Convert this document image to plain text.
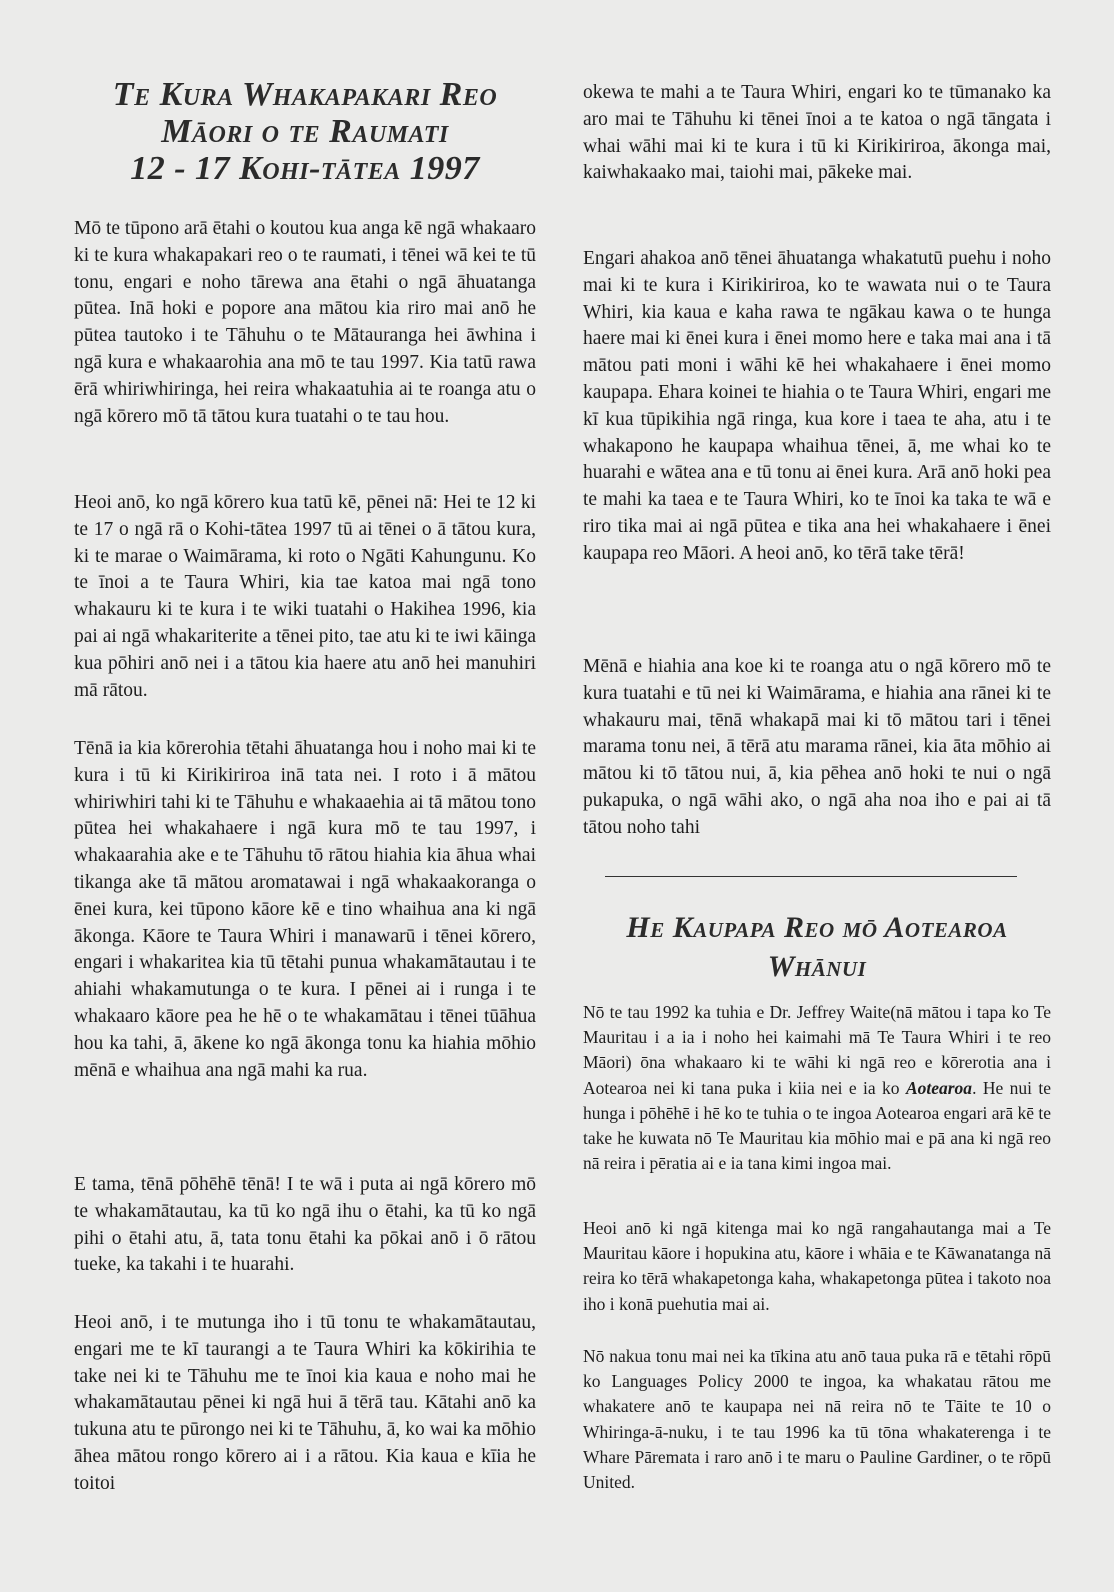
Te Kura Whakapakari Reo
Māori o te Raumati
12 - 17 Kohi-tātea 1997

Mō te tūpono arā ētahi o koutou kua anga kē ngā whakaaro ki te kura whakapakari reo o te raumati, i tēnei wā kei te tū tonu, engari e noho tārewa ana ētahi o ngā āhuatanga pūtea. Inā hoki e popore ana mātou kia riro mai anō he pūtea tautoko i te Tāhuhu o te Mātauranga hei āwhina i ngā kura e whakaarohia ana mō te tau 1997. Kia tatū rawa ērā whiriwhiringa, hei reira whakaatuhia ai te roanga atu o ngā kōrero mō tā tātou kura tuatahi o te tau hou.

Heoi anō, ko ngā kōrero kua tatū kē, pēnei nā: Hei te 12 ki te 17 o ngā rā o Kohi-tātea 1997 tū ai tēnei o ā tātou kura, ki te marae o Waimārama, ki roto o Ngāti Kahungunu. Ko te īnoi a te Taura Whiri, kia tae katoa mai ngā tono whakauru ki te kura i te wiki tuatahi o Hakihea 1996, kia pai ai ngā whakariterite a tēnei pito, tae atu ki te iwi kāinga kua pōhiri anō nei i a tātou kia haere atu anō hei manuhiri mā rātou.

Tēnā ia kia kōrerohia tētahi āhuatanga hou i noho mai ki te kura i tū ki Kirikiriroa inā tata nei. I roto i ā mātou whiriwhiri tahi ki te Tāhuhu e whakaaehia ai tā mātou tono pūtea hei whakahaere i ngā kura mō te tau 1997, i whakaarahia ake e te Tāhuhu tō rātou hiahia kia āhua whai tikanga ake tā mātou aromatawai i ngā whakaakoranga o ēnei kura, kei tūpono kāore kē e tino whaihua ana ki ngā ākonga. Kāore te Taura Whiri i manawarū i tēnei kōrero, engari i whakaritea kia tū tētahi punua whakamātautau i te ahiahi whakamutunga o te kura. I pēnei ai i runga i te whakaaro kāore pea he hē o te whakamātau i tēnei tūāhua hou ka tahi, ā, ākene ko ngā ākonga tonu ka hiahia mōhio mēnā e whaihua ana ngā mahi ka rua.

E tama, tēnā pōhēhē tēnā! I te wā i puta ai ngā kōrero mō te whakamātautau, ka tū ko ngā ihu o ētahi, ka tū ko ngā pihi o ētahi atu, ā, tata tonu ētahi ka pōkai anō i ō rātou tueke, ka takahi i te huarahi.

Heoi anō, i te mutunga iho i tū tonu te whakamātautau, engari me te kī taurangi a te Taura Whiri ka kōkirihia te take nei ki te Tāhuhu me te īnoi kia kaua e noho mai he whakamātautau pēnei ki ngā hui ā tērā tau. Kātahi anō ka tukuna atu te pūrongo nei ki te Tāhuhu, ā, ko wai ka mōhio āhea mātou rongo kōrero ai i a rātou. Kia kaua e kīia he toitoi

okewa te mahi a te Taura Whiri, engari ko te tūmanako ka aro mai te Tāhuhu ki tēnei īnoi a te katoa o ngā tāngata i whai wāhi mai ki te kura i tū ki Kirikiriroa, ākonga mai, kaiwhakaako mai, taiohi mai, pākeke mai.

Engari ahakoa anō tēnei āhuatanga whakatutū puehu i noho mai ki te kura i Kirikiriroa, ko te wawata nui o te Taura Whiri, kia kaua e kaha rawa te ngākau kawa o te hunga haere mai ki ēnei kura i ēnei momo here e taka mai ana i tā mātou pati moni i wāhi kē hei whakahaere i ēnei momo kaupapa. Ehara koinei te hiahia o te Taura Whiri, engari me kī kua tūpikihia ngā ringa, kua kore i taea te aha, atu i te whakapono he kaupapa whaihua tēnei, ā, me whai ko te huarahi e wātea ana e tū tonu ai ēnei kura. Arā anō hoki pea te mahi ka taea e te Taura Whiri, ko te īnoi ka taka te wā e riro tika mai ai ngā pūtea e tika ana hei whakahaere i ēnei kaupapa reo Māori. A heoi anō, ko tērā take tērā!

Mēnā e hiahia ana koe ki te roanga atu o ngā kōrero mō te kura tuatahi e tū nei ki Waimārama, e hiahia ana rānei ki te whakauru mai, tēnā whakapā mai ki tō mātou tari i tēnei marama tonu nei, ā tērā atu marama rānei, kia āta mōhio ai mātou ki tō tātou nui, ā, kia pēhea anō hoki te nui o ngā pukapuka, o ngā wāhi ako, o ngā aha noa iho e pai ai tā tātou noho tahi

He Kaupapa Reo mō Aotearoa
Whānui

Nō te tau 1992 ka tuhia e Dr. Jeffrey Waite(nā mātou i tapa ko Te Mauritau i a ia i noho hei kaimahi mā Te Taura Whiri i te reo Māori) ōna whakaaro ki te wāhi ki ngā reo e kōrerotia ana i Aotearoa nei ki tana puka i kiia nei e ia ko Aotearoa. He nui te hunga i pōhēhē i hē ko te tuhia o te ingoa Aotearoa engari arā kē te take he kuwata nō Te Mauritau kia mōhio mai e pā ana ki ngā reo nā reira i pēratia ai e ia tana kimi ingoa mai.

Heoi anō ki ngā kitenga mai ko ngā rangahautanga mai a Te Mauritau kāore i hopukina atu, kāore i whāia e te Kāwanatanga nā reira ko tērā whakapetonga kaha, whakapetonga pūtea i takoto noa iho i konā puehutia mai ai.

Nō nakua tonu mai nei ka tīkina atu anō taua puka rā e tētahi rōpū ko Languages Policy 2000 te ingoa, ka whakatau rātou me whakatere anō te kaupapa nei nā reira nō te Tāite te 10 o Whiringa-ā-nuku, i te tau 1996 ka tū tōna whakaterenga i te Whare Pāremata i raro anō i te maru o Pauline Gardiner, o te rōpū United.
